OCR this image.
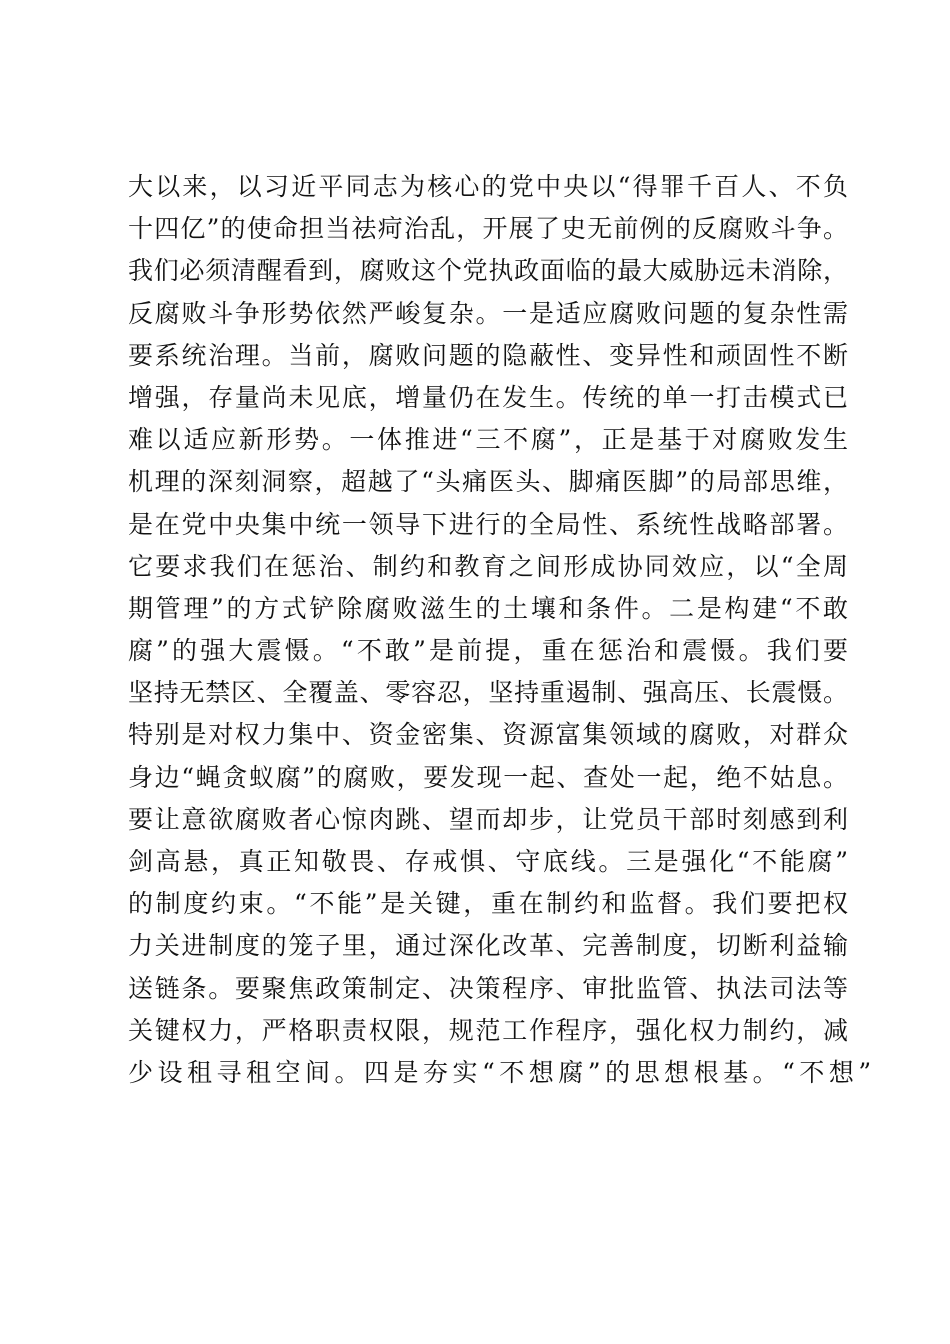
大以来，以习近平同志为核心的党中央以“得罪千百人、不负
十四亿”的使命担当祛疴治乱，开展了史无前例的反腐败斗争。
我们必须清醒看到，腐败这个党执政面临的最大威胁远未消除，
反腐败斗争形势依然严峻复杂。一是适应腐败问题的复杂性需
要系统治理。当前，腐败问题的隐蔽性、变异性和顽固性不断
增强，存量尚未见底，增量仍在发生。传统的单一打击模式已
难以适应新形势。一体推进“三不腐”，正是基于对腐败发生
机理的深刻洞察，超越了“头痛医头、脚痛医脚”的局部思维，
是在党中央集中统一领导下进行的全局性、系统性战略部署。
它要求我们在惩治、制约和教育之间形成协同效应，以“全周
期管理”的方式铲除腐败滋生的土壤和条件。二是构建“不敢
腐”的强大震慑。“不敢”是前提，重在惩治和震慑。我们要
坚持无禁区、全覆盖、零容忍，坚持重遏制、强高压、长震慑。
特别是对权力集中、资金密集、资源富集领域的腐败，对群众
身边“蝇贪蚁腐”的腐败，要发现一起、查处一起，绝不姑息。
要让意欲腐败者心惊肉跳、望而却步，让党员干部时刻感到利
剑高悬，真正知敬畏、存戒惧、守底线。三是强化“不能腐”
的制度约束。“不能”是关键，重在制约和监督。我们要把权
力关进制度的笼子里，通过深化改革、完善制度，切断利益输
送链条。要聚焦政策制定、决策程序、审批监管、执法司法等
关键权力，严格职责权限，规范工作程序，强化权力制约，减
少设租寻租空间。四是夯实“不想腐”的思想根基。“不想”
